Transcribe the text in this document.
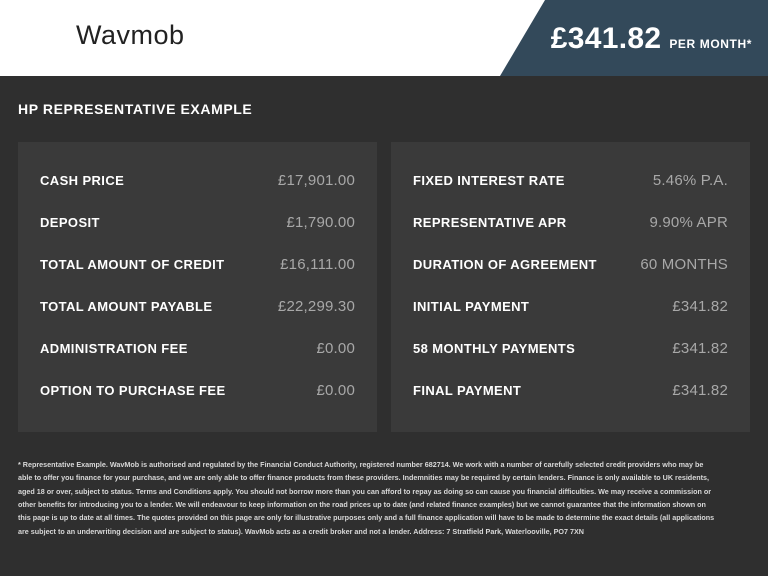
Wavmob	£341.82 PER MONTH*
HP REPRESENTATIVE EXAMPLE
CASH PRICE	£17,901.00
DEPOSIT	£1,790.00
TOTAL AMOUNT OF CREDIT	£16,111.00
TOTAL AMOUNT PAYABLE	£22,299.30
ADMINISTRATION FEE	£0.00
OPTION TO PURCHASE FEE	£0.00
FIXED INTEREST RATE	5.46% P.A.
REPRESENTATIVE APR	9.90% APR
DURATION OF AGREEMENT	60 MONTHS
INITIAL PAYMENT	£341.82
58 MONTHLY PAYMENTS	£341.82
FINAL PAYMENT	£341.82
* Representative Example. WavMob is authorised and regulated by the Financial Conduct Authority, registered number 682714. We work with a number of carefully selected credit providers who may be able to offer you finance for your purchase, and we are only able to offer finance products from these providers. Indemnities may be required by certain lenders. Finance is only available to UK residents, aged 18 or over, subject to status. Terms and Conditions apply. You should not borrow more than you can afford to repay as doing so can cause you financial difficulties. We may receive a commission or other benefits for introducing you to a lender. We will endeavour to keep information on the road prices up to date (and related finance examples) but we cannot guarantee that the information shown on this page is up to date at all times. The quotes provided on this page are only for illustrative purposes only and a full finance application will have to be made to determine the exact details (all applications are subject to an underwriting decision and are subject to status). WavMob acts as a credit broker and not a lender. Address: 7 Stratfield Park, Waterlooville, PO7 7XN
